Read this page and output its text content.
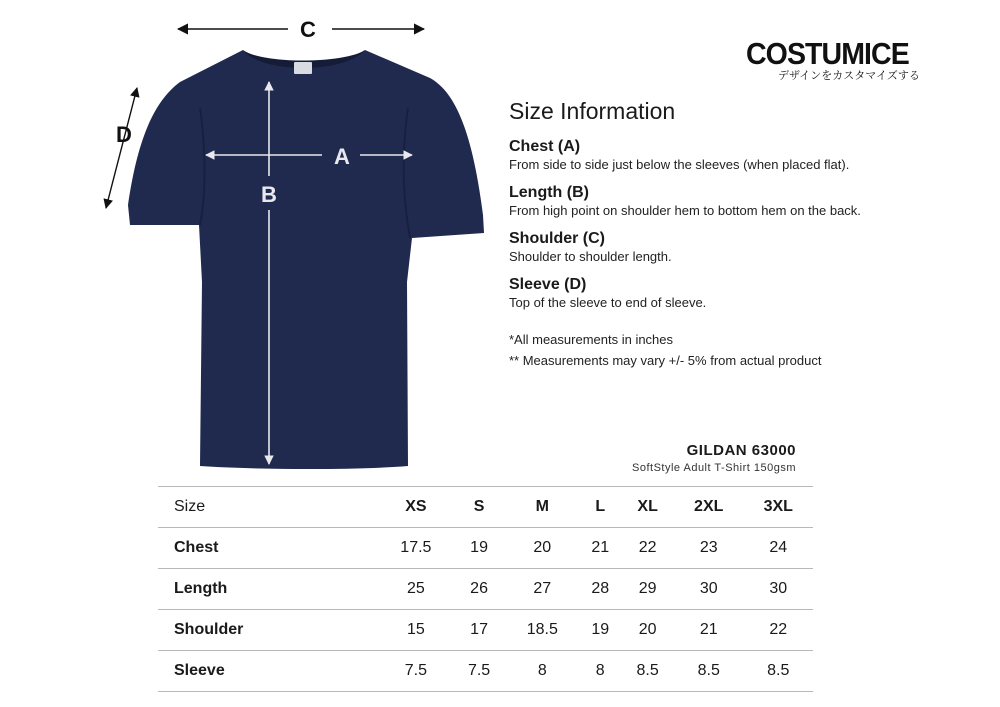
C
D
A
B
COSTUMICE
デザインをカスタマイズする
Size Information
Chest (A)
From side to side just below the sleeves (when placed flat).
Length (B)
From high point on shoulder hem to bottom hem on the back.
Shoulder (C)
Shoulder to shoulder length.
Sleeve (D)
Top of the sleeve to end of sleeve.
*All measurements in inches
** Measurements may vary +/- 5% from actual product
GILDAN 63000
SoftStyle Adult T-Shirt 150gsm
Size	XS	S	M	L	XL	2XL	3XL
Chest	17.5	19	20	21	22	23	24
Length	25	26	27	28	29	30	30
Shoulder	15	17	18.5	19	20	21	22
Sleeve	7.5	7.5	8	8	8.5	8.5	8.5
